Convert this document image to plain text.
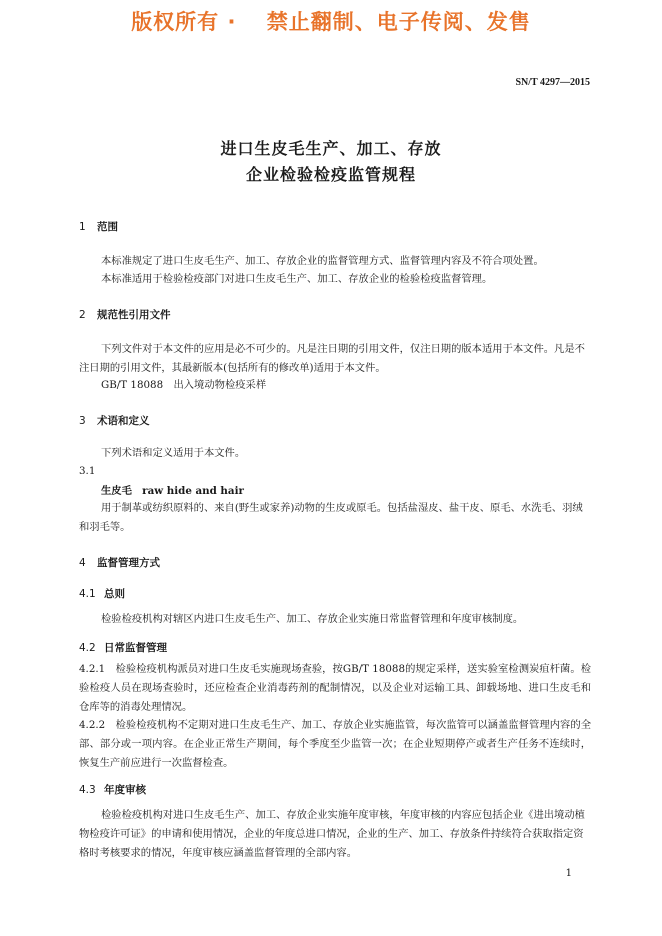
版权所有 ·　 禁止翻制、电子传阅、发售
SN/T 4297—2015
进口生皮毛生产、加工、存放
企业检验检疫监管规程
1 范围
本标准规定了进口生皮毛生产、加工、存放企业的监督管理方式、监督管理内容及不符合项处置。
本标准适用于检验检疫部门对进口生皮毛生产、加工、存放企业的检验检疫监督管理。
2 规范性引用文件
下列文件对于本文件的应用是必不可少的。凡是注日期的引用文件，仅注日期的版本适用于本文件。凡是不注日期的引用文件，其最新版本(包括所有的修改单)适用于本文件。
GB/T 18088　出入境动物检疫采样
3 术语和定义
下列术语和定义适用于本文件。
3.1
生皮毛　raw hide and hair
用于制革或纺织原料的、来自(野生或家养)动物的生皮或原毛。包括盐湿皮、盐干皮、原毛、水洗毛、羽绒和羽毛等。
4 监督管理方式
4.1 总则
检验检疫机构对辖区内进口生皮毛生产、加工、存放企业实施日常监督管理和年度审核制度。
4.2 日常监督管理
4.2.1　检验检疫机构派员对进口生皮毛实施现场查验，按GB/T 18088的规定采样，送实验室检测炭疽杆菌。检验检疫人员在现场查验时，还应检查企业消毒药剂的配制情况，以及企业对运输工具、卸载场地、进口生皮毛和仓库等的消毒处理情况。
4.2.2　检验检疫机构不定期对进口生皮毛生产、加工、存放企业实施监管，每次监管可以涵盖监督管理内容的全部、部分或一项内容。在企业正常生产期间，每个季度至少监管一次；在企业短期停产或者生产任务不连续时，恢复生产前应进行一次监督检查。
4.3 年度审核
检验检疫机构对进口生皮毛生产、加工、存放企业实施年度审核，年度审核的内容应包括企业《进出境动植物检疫许可证》的申请和使用情况，企业的年度总进口情况，企业的生产、加工、存放条件持续符合获取指定资格时考核要求的情况，年度审核应涵盖监督管理的全部内容。
1
